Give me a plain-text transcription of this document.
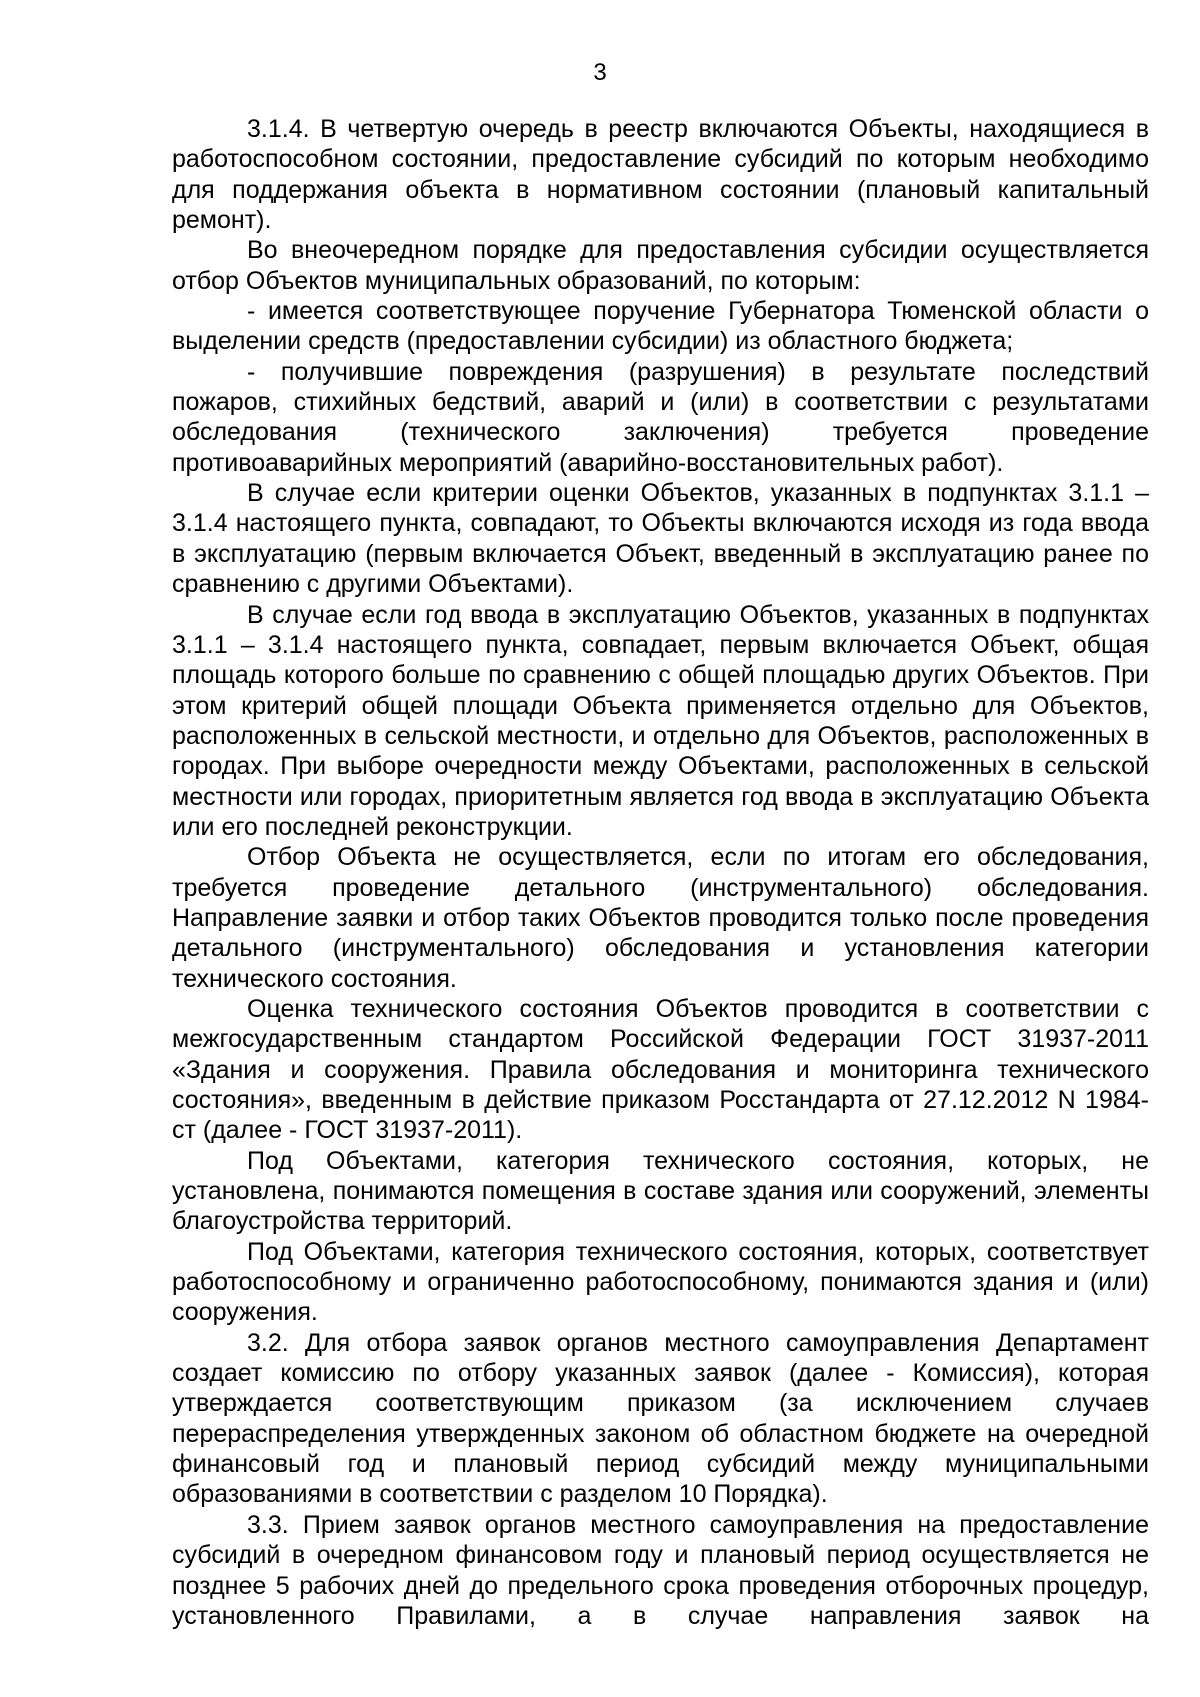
3

3.1.4. В четвертую очередь в реестр включаются Объекты, находящиеся в работоспособном состоянии, предоставление субсидий по которым необходимо для поддержания объекта в нормативном состоянии (плановый капитальный ремонт).

Во внеочередном порядке для предоставления субсидии осуществляется отбор Объектов муниципальных образований, по которым:

- имеется соответствующее поручение Губернатора Тюменской области о выделении средств (предоставлении субсидии) из областного бюджета;

- получившие повреждения (разрушения) в результате последствий пожаров, стихийных бедствий, аварий и (или) в соответствии с результатами обследования (технического заключения) требуется проведение противоаварийных мероприятий (аварийно-восстановительных работ).

В случае если критерии оценки Объектов, указанных в подпунктах 3.1.1 – 3.1.4 настоящего пункта, совпадают, то Объекты включаются исходя из года ввода в эксплуатацию (первым включается Объект, введенный в эксплуатацию ранее по сравнению с другими Объектами).

В случае если год ввода в эксплуатацию Объектов, указанных в подпунктах 3.1.1 – 3.1.4 настоящего пункта, совпадает, первым включается Объект, общая площадь которого больше по сравнению с общей площадью других Объектов. При этом критерий общей площади Объекта применяется отдельно для Объектов, расположенных в сельской местности, и отдельно для Объектов, расположенных в городах. При выборе очередности между Объектами, расположенных в сельской местности или городах, приоритетным является год ввода в эксплуатацию Объекта или его последней реконструкции.

Отбор Объекта не осуществляется, если по итогам его обследования, требуется проведение детального (инструментального) обследования. Направление заявки и отбор таких Объектов проводится только после проведения детального (инструментального) обследования и установления категории технического состояния.

Оценка технического состояния Объектов проводится в соответствии с межгосударственным стандартом Российской Федерации ГОСТ 31937-2011 «Здания и сооружения. Правила обследования и мониторинга технического состояния», введенным в действие приказом Росстандарта от 27.12.2012 N 1984-ст (далее - ГОСТ 31937-2011).

Под Объектами, категория технического состояния, которых, не установлена, понимаются помещения в составе здания или сооружений, элементы благоустройства территорий.

Под Объектами, категория технического состояния, которых, соответствует работоспособному и ограниченно работоспособному, понимаются здания и (или) сооружения.

3.2. Для отбора заявок органов местного самоуправления Департамент создает комиссию по отбору указанных заявок (далее - Комиссия), которая утверждается соответствующим приказом (за исключением случаев перераспределения утвержденных законом об областном бюджете на очередной финансовый год и плановый период субсидий между муниципальными образованиями в соответствии с разделом 10 Порядка).

3.3. Прием заявок органов местного самоуправления на предоставление субсидий в очередном финансовом году и плановый период осуществляется не позднее 5 рабочих дней до предельного срока проведения отборочных процедур, установленного Правилами, а в случае направления заявок на
